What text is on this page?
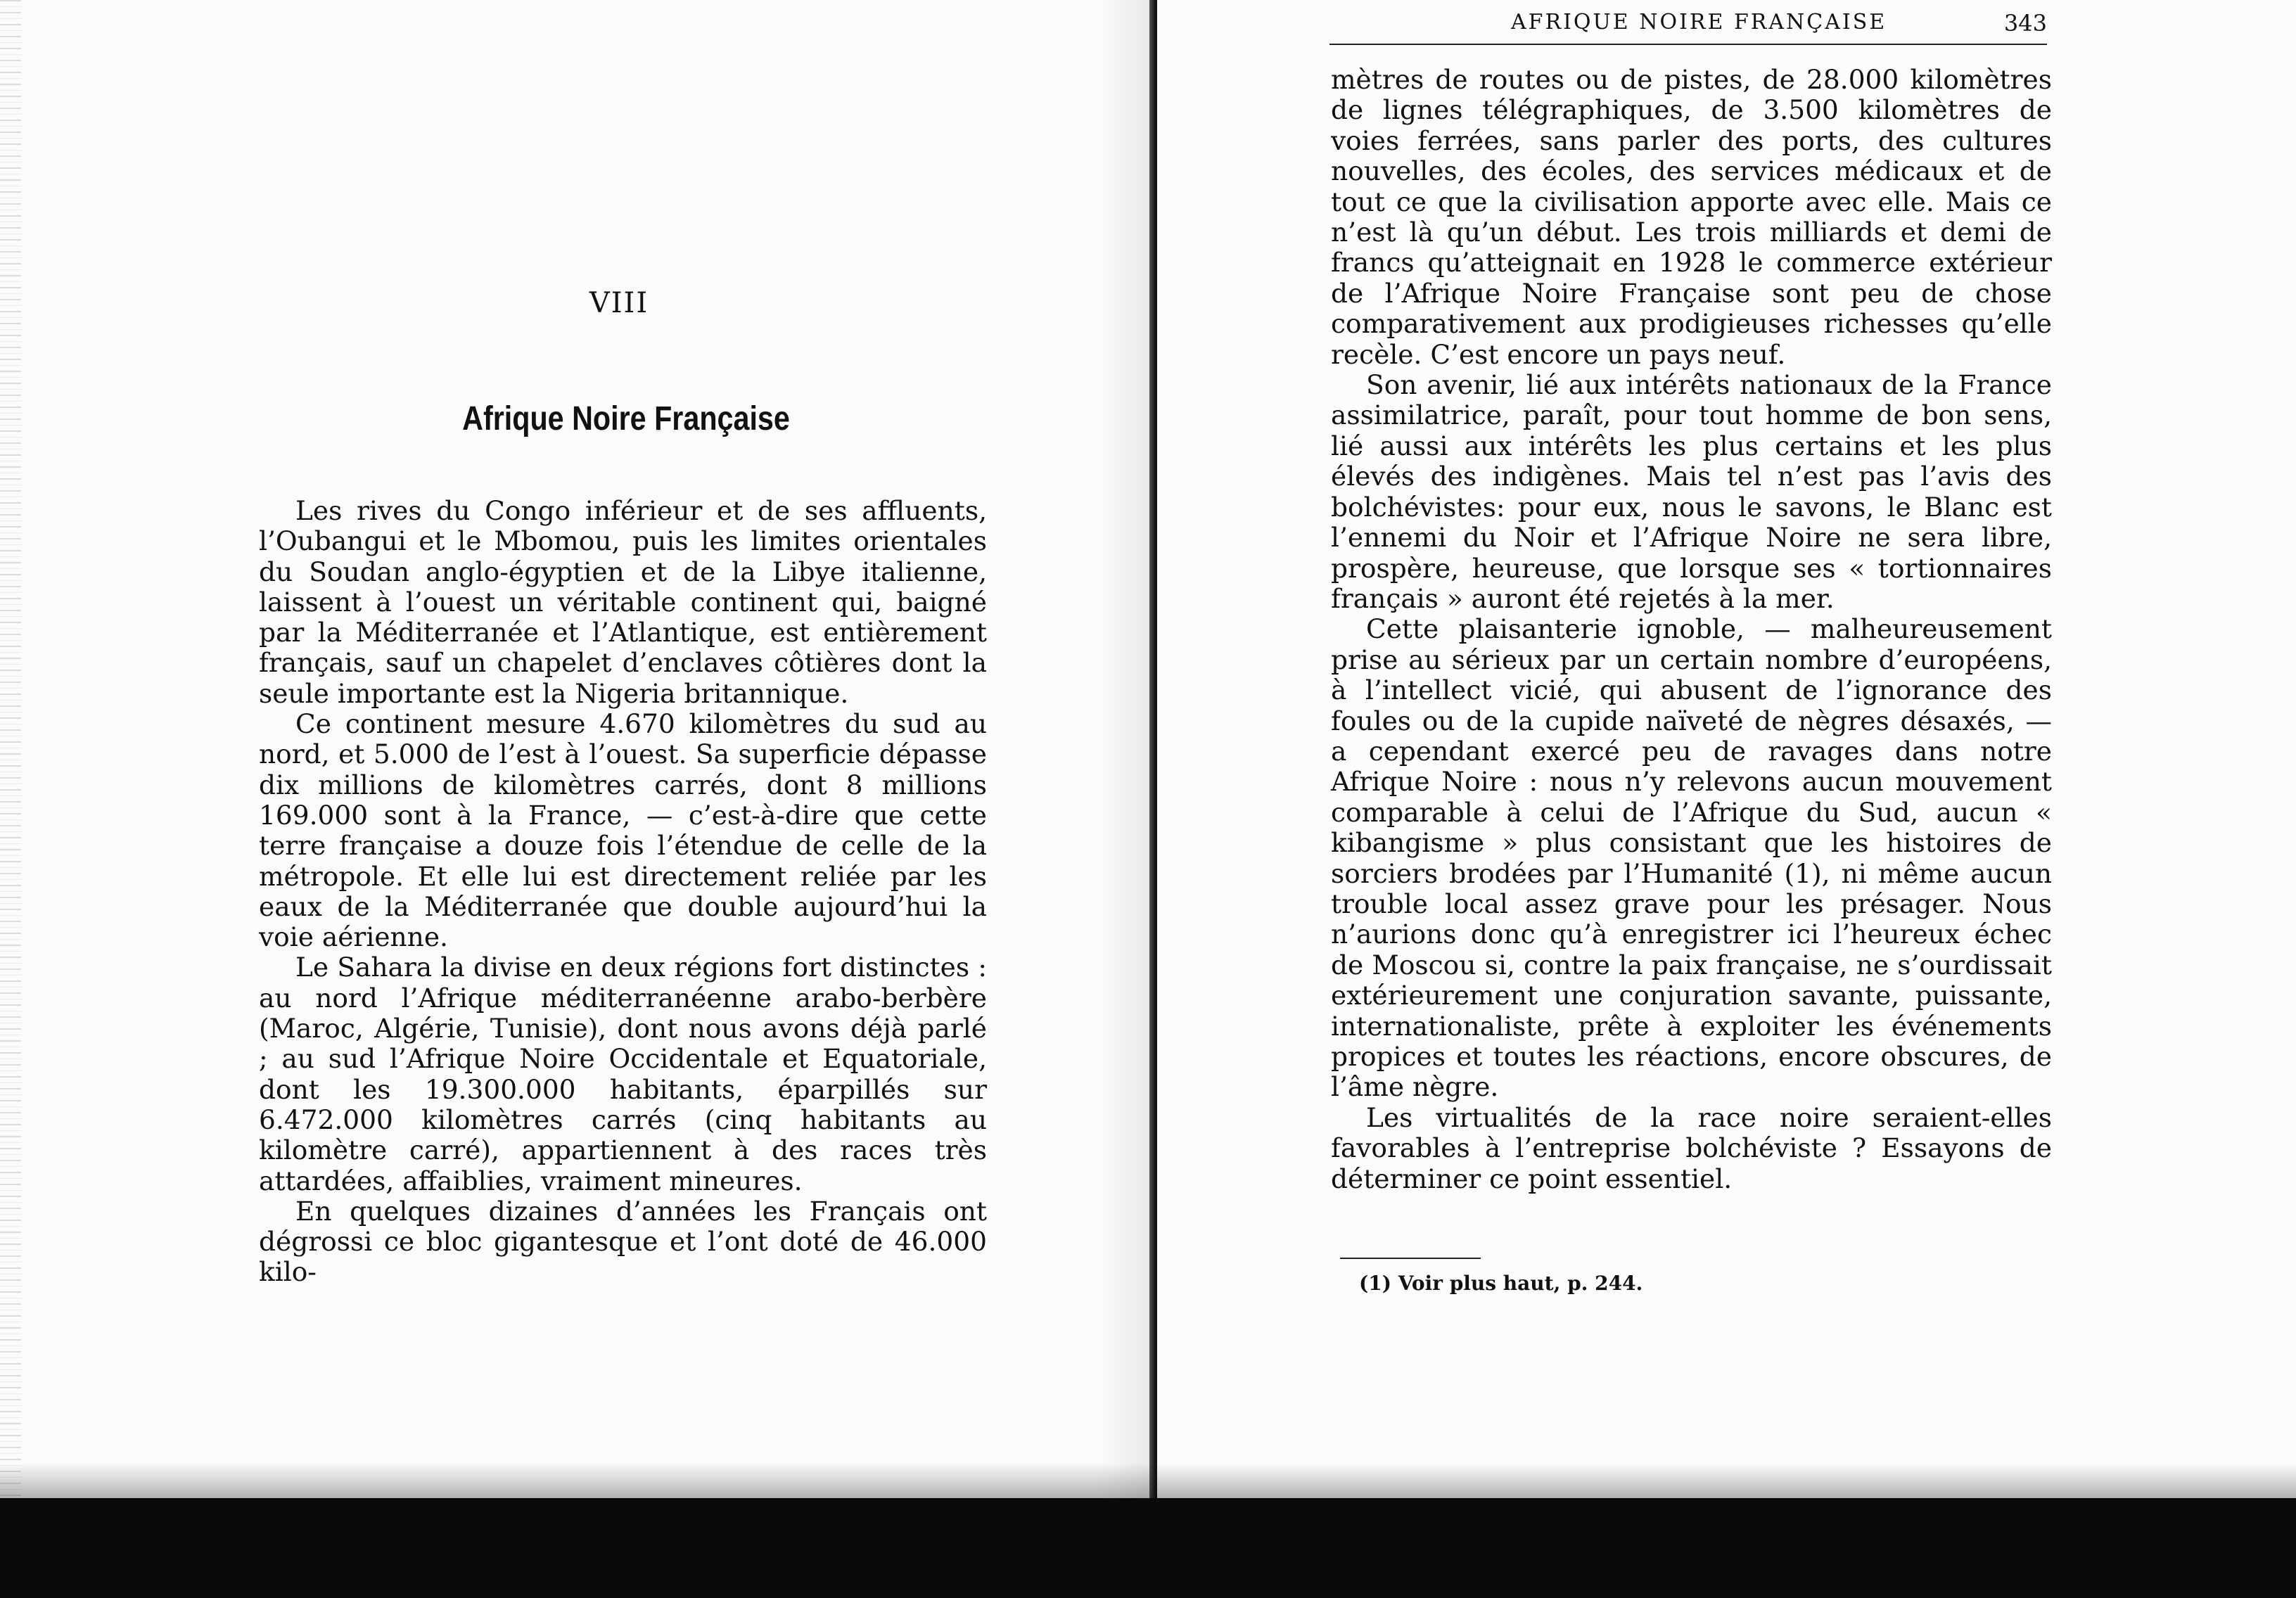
VIII
Afrique Noire Française

Les rives du Congo inférieur et de ses affluents, l’Oubangui et le Mbomou, puis les limites orientales du Soudan anglo-égyptien et de la Libye italienne, laissent à l’ouest un véritable continent qui, baigné par la Méditerranée et l’Atlantique, est entièrement français, sauf un chapelet d’enclaves côtières dont la seule importante est la Nigeria britannique.

Ce continent mesure 4.670 kilomètres du sud au nord, et 5.000 de l’est à l’ouest. Sa superficie dépasse dix millions de kilomètres carrés, dont 8 millions 169.000 sont à la France, — c’est-à-dire que cette terre française a douze fois l’étendue de celle de la métropole. Et elle lui est directement reliée par les eaux de la Méditerranée que double aujourd’hui la voie aérienne.

Le Sahara la divise en deux régions fort distinctes : au nord l’Afrique méditerranéenne arabo-berbère (Maroc, Algérie, Tunisie), dont nous avons déjà parlé ; au sud l’Afrique Noire Occidentale et Equatoriale, dont les 19.300.000 habitants, éparpillés sur 6.472.000 kilomètres carrés (cinq habitants au kilomètre carré), appartiennent à des races très attardées, affaiblies, vraiment mineures.

En quelques dizaines d’années les Français ont dégrossi ce bloc gigantesque et l’ont doté de 46.000 kilo-

AFRIQUE NOIRE FRANÇAISE	343

mètres de routes ou de pistes, de 28.000 kilomètres de lignes télégraphiques, de 3.500 kilomètres de voies ferrées, sans parler des ports, des cultures nouvelles, des écoles, des services médicaux et de tout ce que la civilisation apporte avec elle. Mais ce n’est là qu’un début. Les trois milliards et demi de francs qu’atteignait en 1928 le commerce extérieur de l’Afrique Noire Française sont peu de chose comparativement aux prodigieuses richesses qu’elle recèle. C’est encore un pays neuf.

Son avenir, lié aux intérêts nationaux de la France assimilatrice, paraît, pour tout homme de bon sens, lié aussi aux intérêts les plus certains et les plus élevés des indigènes. Mais tel n’est pas l’avis des bolchévistes: pour eux, nous le savons, le Blanc est l’ennemi du Noir et l’Afrique Noire ne sera libre, prospère, heureuse, que lorsque ses « tortionnaires français » auront été rejetés à la mer.

Cette plaisanterie ignoble, — malheureusement prise au sérieux par un certain nombre d’européens, à l’intellect vicié, qui abusent de l’ignorance des foules ou de la cupide naïveté de nègres désaxés, — a cependant exercé peu de ravages dans notre Afrique Noire : nous n’y relevons aucun mouvement comparable à celui de l’Afrique du Sud, aucun « kibangisme » plus consistant que les histoires de sorciers brodées par l’Humanité (1), ni même aucun trouble local assez grave pour les présager. Nous n’aurions donc qu’à enregistrer ici l’heureux échec de Moscou si, contre la paix française, ne s’ourdissait extérieurement une conjuration savante, puissante, internationaliste, prête à exploiter les événements propices et toutes les réactions, encore obscures, de l’âme nègre.

Les virtualités de la race noire seraient-elles favorables à l’entreprise bolchéviste ? Essayons de déterminer ce point essentiel.

(1) Voir plus haut, p. 244.
